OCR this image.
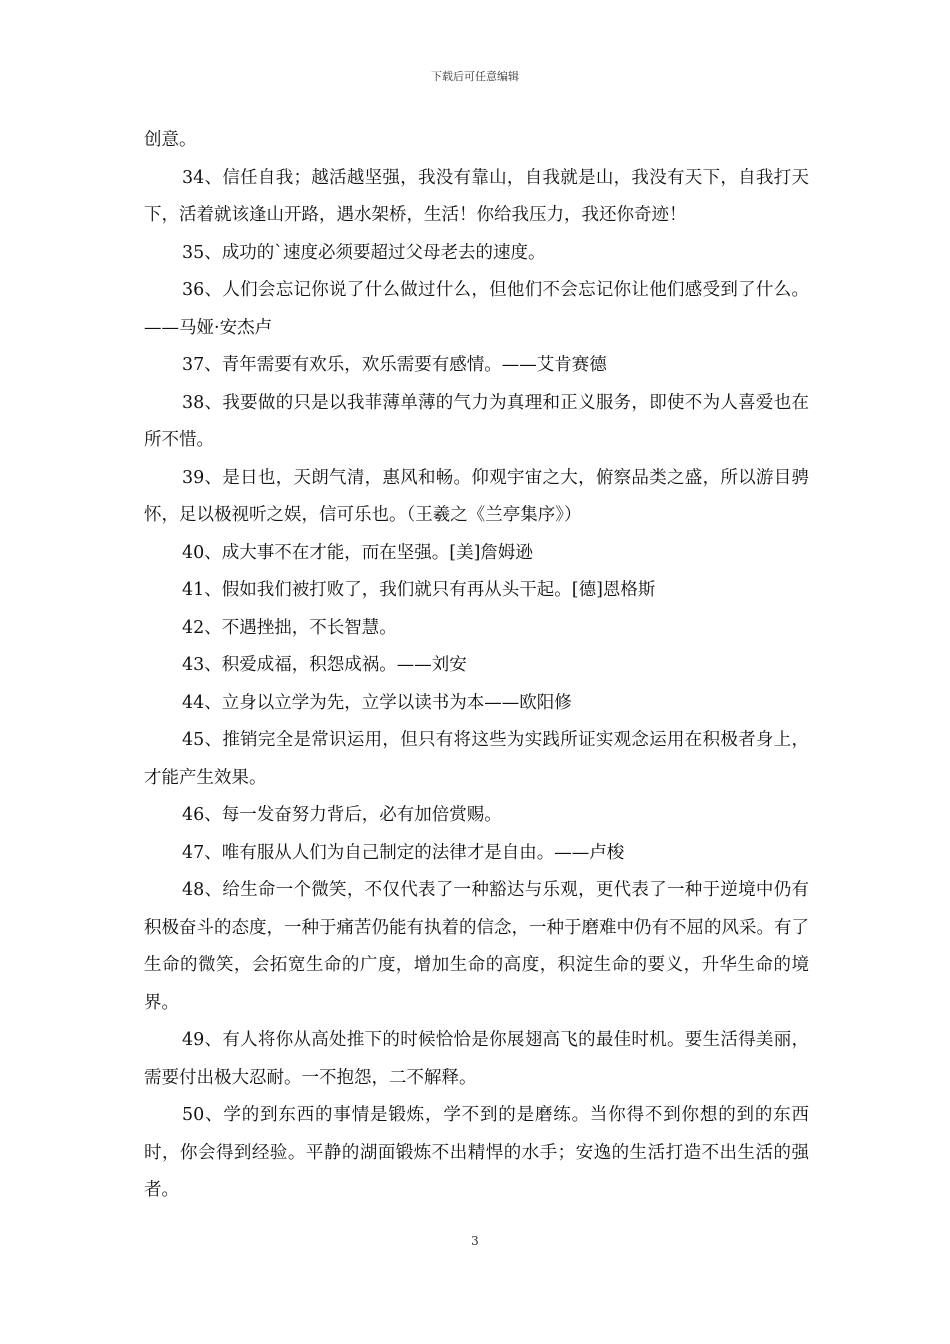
下载后可任意编辑

创意。

34、信任自我；越活越坚强，我没有靠山，自我就是山，我没有天下，自我打天下，活着就该逢山开路，遇水架桥，生活！你给我压力，我还你奇迹！

35、成功的`速度必须要超过父母老去的速度。

36、人们会忘记你说了什么做过什么，但他们不会忘记你让他们感受到了什么。——马娅·安杰卢

37、青年需要有欢乐，欢乐需要有感情。——艾肯赛德

38、我要做的只是以我菲薄单薄的气力为真理和正义服务，即使不为人喜爱也在所不惜。

39、是日也，天朗气清，惠风和畅。仰观宇宙之大，俯察品类之盛，所以游目骋怀，足以极视听之娱，信可乐也。（王羲之《兰亭集序》）

40、成大事不在才能，而在坚强。[美]詹姆逊

41、假如我们被打败了，我们就只有再从头干起。[德]恩格斯

42、不遇挫拙，不长智慧。

43、积爱成福，积怨成祸。——刘安

44、立身以立学为先，立学以读书为本——欧阳修

45、推销完全是常识运用，但只有将这些为实践所证实观念运用在积极者身上，才能产生效果。

46、每一发奋努力背后，必有加倍赏赐。

47、唯有服从人们为自己制定的法律才是自由。——卢梭

48、给生命一个微笑，不仅代表了一种豁达与乐观，更代表了一种于逆境中仍有积极奋斗的态度，一种于痛苦仍能有执着的信念，一种于磨难中仍有不屈的风采。有了生命的微笑，会拓宽生命的广度，增加生命的高度，积淀生命的要义，升华生命的境界。

49、有人将你从高处推下的时候恰恰是你展翅高飞的最佳时机。要生活得美丽，需要付出极大忍耐。一不抱怨，二不解释。

50、学的到东西的事情是锻炼，学不到的是磨练。当你得不到你想的到的东西时，你会得到经验。平静的湖面锻炼不出精悍的水手；安逸的生活打造不出生活的强者。

3
